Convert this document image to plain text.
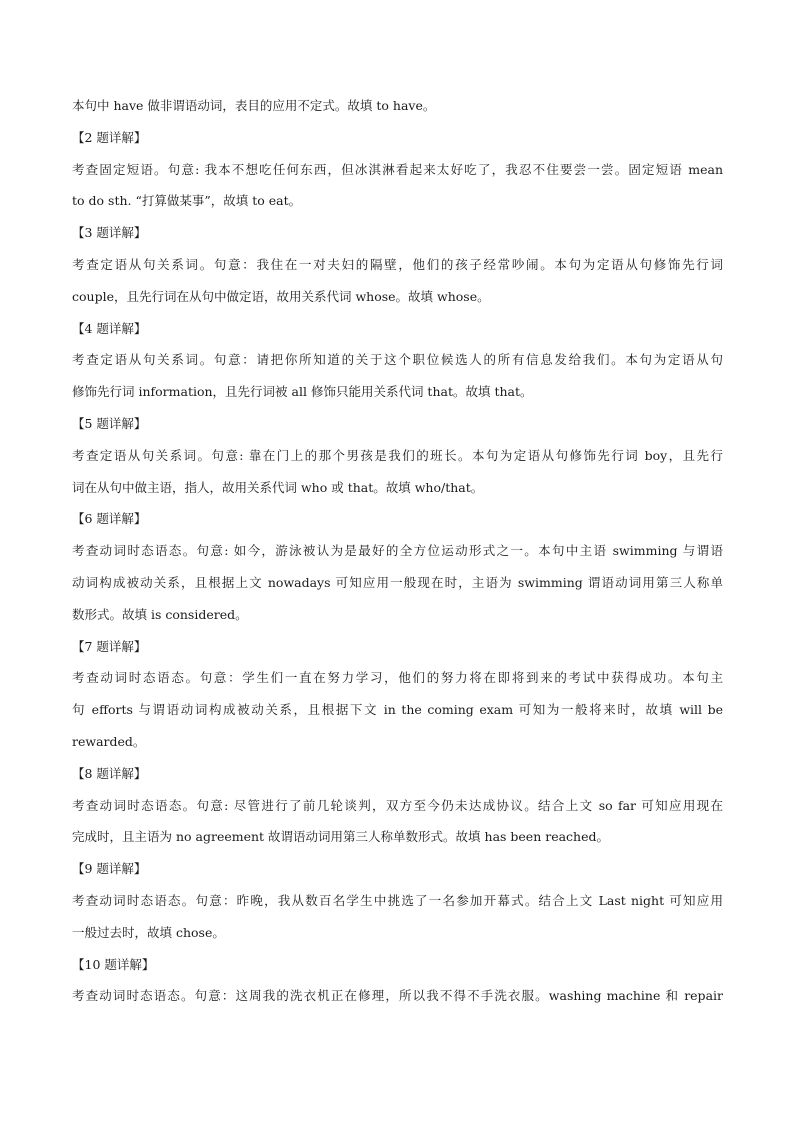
本句中 have 做非谓语动词，表目的应用不定式。故填 to have。
【2 题详解】
考查固定短语。句意: 我本不想吃任何东西，但冰淇淋看起来太好吃了，我忍不住要尝一尝。固定短语 mean
to do sth. “打算做某事”，故填 to eat。
【3 题详解】
考查定语从句关系词。句意：我住在一对夫妇的隔壁，他们的孩子经常吵闹。本句为定语从句修饰先行词
couple，且先行词在从句中做定语，故用关系代词 whose。故填 whose。
【4 题详解】
考查定语从句关系词。句意：请把你所知道的关于这个职位候选人的所有信息发给我们。本句为定语从句
修饰先行词 information，且先行词被 all 修饰只能用关系代词 that。故填 that。
【5 题详解】
考查定语从句关系词。句意: 靠在门上的那个男孩是我们的班长。本句为定语从句修饰先行词 boy，且先行
词在从句中做主语，指人，故用关系代词 who 或 that。故填 who/that。
【6 题详解】
考查动词时态语态。句意: 如今，游泳被认为是最好的全方位运动形式之一。本句中主语 swimming 与谓语
动词构成被动关系，且根据上文 nowadays 可知应用一般现在时，主语为 swimming 谓语动词用第三人称单
数形式。故填 is considered。
【7 题详解】
考查动词时态语态。句意：学生们一直在努力学习，他们的努力将在即将到来的考试中获得成功。本句主
句 efforts 与谓语动词构成被动关系，且根据下文 in the coming exam 可知为一般将来时，故填 will be
rewarded。
【8 题详解】
考查动词时态语态。句意: 尽管进行了前几轮谈判，双方至今仍未达成协议。结合上文 so far 可知应用现在
完成时，且主语为 no agreement 故谓语动词用第三人称单数形式。故填 has been reached。
【9 题详解】
考查动词时态语态。句意：昨晚，我从数百名学生中挑选了一名参加开幕式。结合上文 Last night 可知应用
一般过去时，故填 chose。
【10 题详解】
考查动词时态语态。句意：这周我的洗衣机正在修理，所以我不得不手洗衣服。washing machine 和 repair
